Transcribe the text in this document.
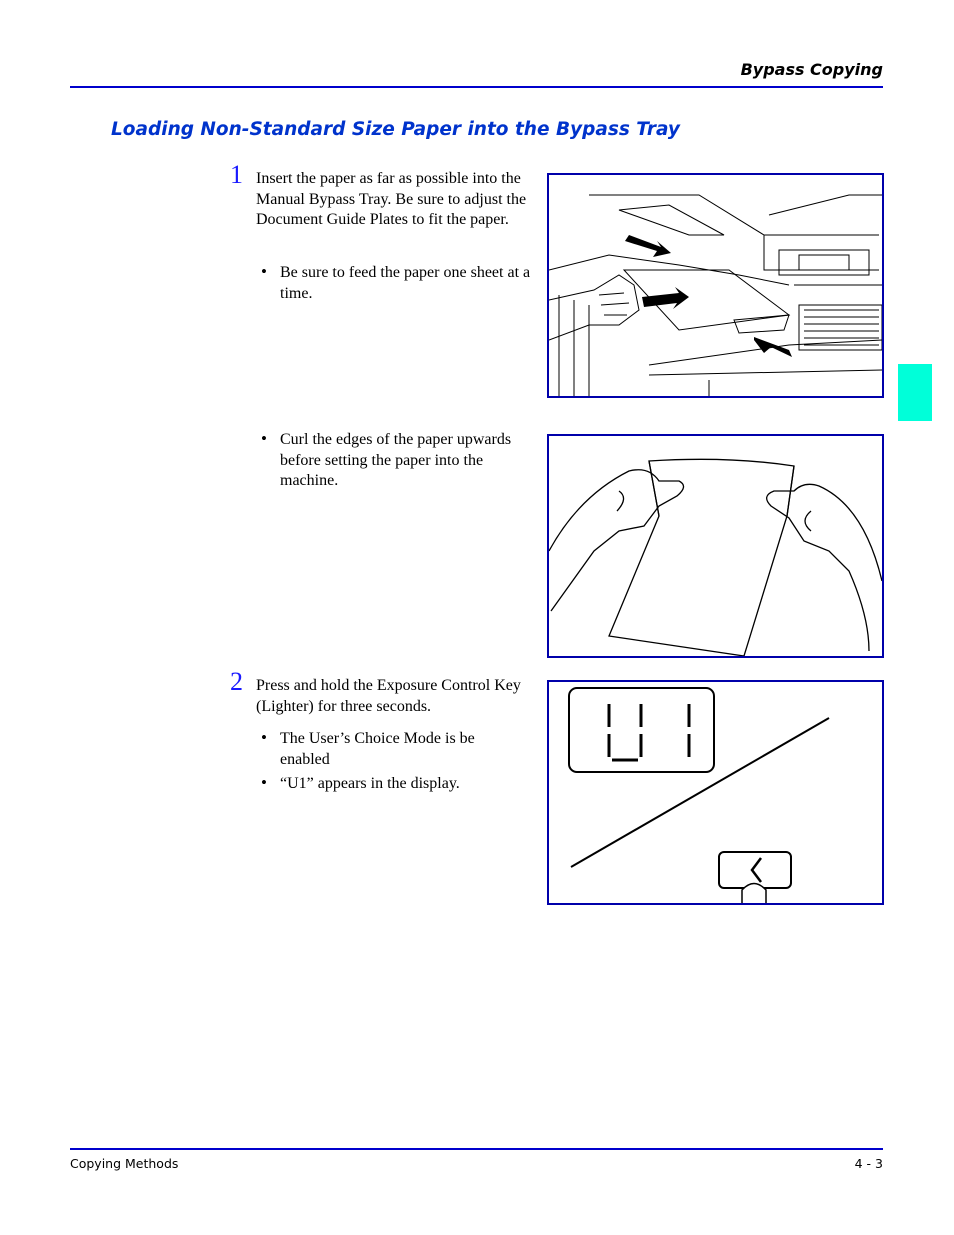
Bypass Copying
Loading Non-Standard Size Paper into the Bypass Tray
1 Insert the paper as far as possible into the Manual Bypass Tray. Be sure to adjust the Document Guide Plates to fit the paper.
• Be sure to feed the paper one sheet at a time.
• Curl the edges of the paper upwards before setting the paper into the machine.
2 Press and hold the Exposure Control Key (Lighter) for three seconds.
• The User’s Choice Mode is be enabled
• “U1” appears in the display.
Copying Methods	4 - 3
